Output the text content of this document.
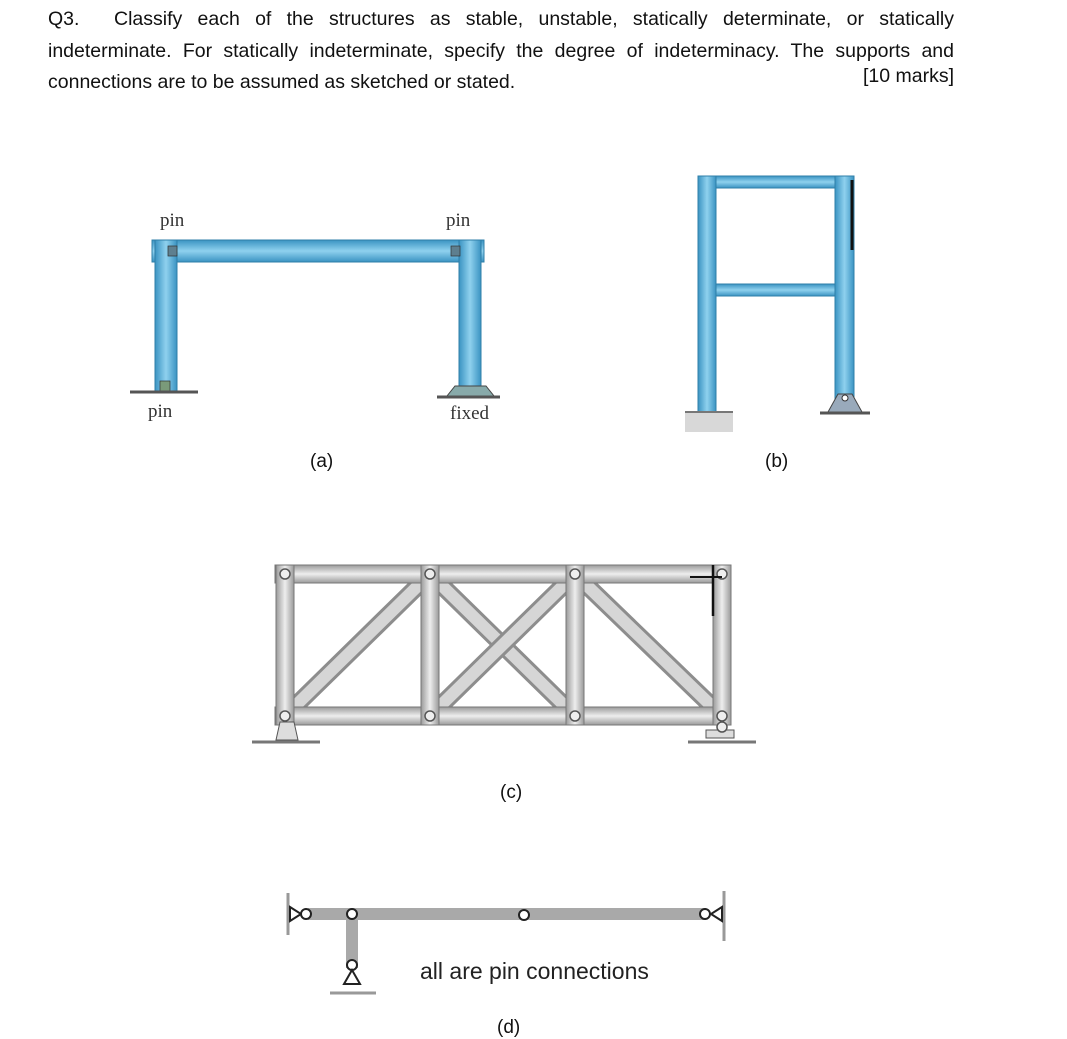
Q3. Classify each of the structures as stable, unstable, statically determinate, or statically indeterminate. For statically indeterminate, specify the degree of indeterminacy. The supports and connections are to be assumed as sketched or stated.	[10 marks]
pin	pin
pin	fixed
(a)	(b)
(c)
all are pin connections
(d)
